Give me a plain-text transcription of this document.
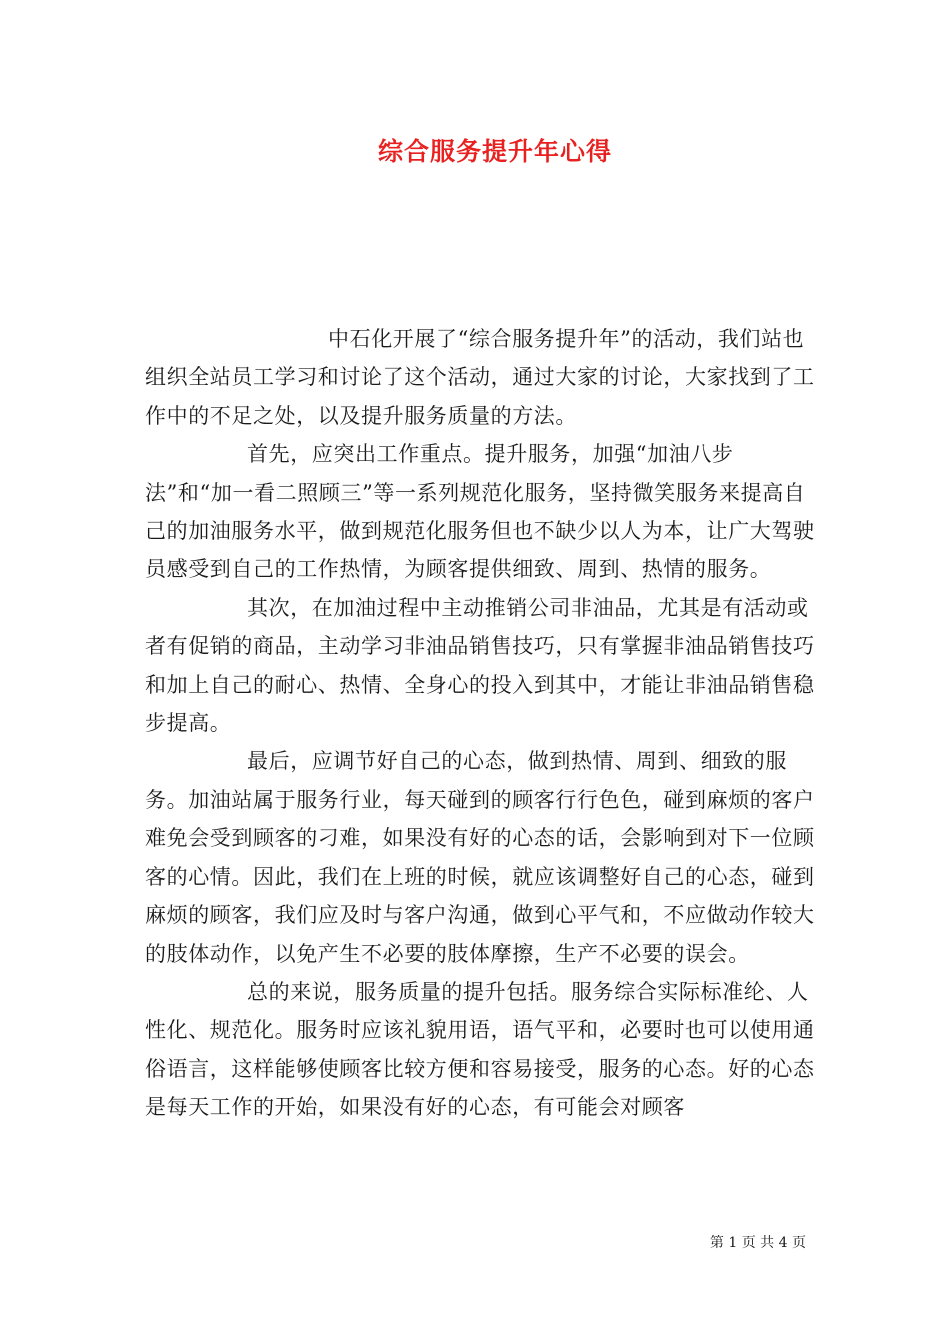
综合服务提升年心得

中石化开展了“综合服务提升年”的活动，我们站也组织全站员工学习和讨论了这个活动，通过大家的讨论，大家找到了工作中的不足之处，以及提升服务质量的方法。

首先，应突出工作重点。提升服务，加强“加油八步法”和“加一看二照顾三”等一系列规范化服务，坚持微笑服务来提高自己的加油服务水平，做到规范化服务但也不缺少以人为本，让广大驾驶员感受到自己的工作热情，为顾客提供细致、周到、热情的服务。

其次，在加油过程中主动推销公司非油品，尤其是有活动或者有促销的商品，主动学习非油品销售技巧，只有掌握非油品销售技巧和加上自己的耐心、热情、全身心的投入到其中，才能让非油品销售稳步提高。

最后，应调节好自己的心态，做到热情、周到、细致的服务。加油站属于服务行业，每天碰到的顾客行行色色，碰到麻烦的客户难免会受到顾客的刁难，如果没有好的心态的话，会影响到对下一位顾客的心情。因此，我们在上班的时候，就应该调整好自己的心态，碰到麻烦的顾客，我们应及时与客户沟通，做到心平气和，不应做动作较大的肢体动作，以免产生不必要的肢体摩擦，生产不必要的误会。

总的来说，服务质量的提升包括。服务综合实际标准纶、人性化、规范化。服务时应该礼貌用语，语气平和，必要时也可以使用通俗语言，这样能够使顾客比较方便和容易接受，服务的心态。好的心态是每天工作的开始，如果没有好的心态，有可能会对顾客

第 1 页 共 4 页
